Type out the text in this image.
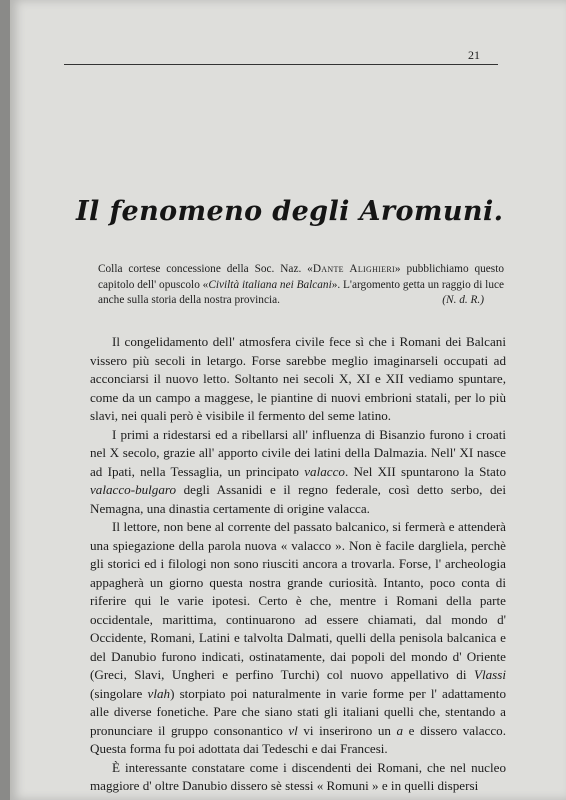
21
Il fenomeno degli Aromuni.
Colla cortese concessione della Soc. Naz. «Dante Alighieri» pubblichiamo questo capitolo dell' opuscolo «Civiltà italiana nei Balcani». L'argomento getta un raggio di luce anche sulla storia della nostra provincia.	(N. d. R.)

Il congelidamento dell' atmosfera civile fece sì che i Romani dei Balcani vissero più secoli in letargo. Forse sarebbe meglio imaginarseli occupati ad acconciarsi il nuovo letto. Soltanto nei secoli X, XI e XII vediamo spuntare, come da un campo a maggese, le piantine di nuovi embrioni statali, per lo più slavi, nei quali però è visibile il fermento del seme latino.

I primi a ridestarsi ed a ribellarsi all' influenza di Bisanzio furono i croati nel X secolo, grazie all' apporto civile dei latini della Dalmazia. Nell' XI nasce ad Ipati, nella Tessaglia, un principato valacco. Nel XII spuntarono la Stato valacco-bulgaro degli Assanidi e il regno federale, così detto serbo, dei Nemagna, una dinastia certamente di origine valacca.

Il lettore, non bene al corrente del passato balcanico, si fermerà e attenderà una spiegazione della parola nuova « valacco ». Non è facile dargliela, perchè gli storici ed i filologi non sono riusciti ancora a trovarla. Forse, l' archeologia appagherà un giorno questa nostra grande curiosità. Intanto, poco conta di riferire qui le varie ipotesi. Certo è che, mentre i Romani della parte occidentale, marittima, continuarono ad essere chiamati, dal mondo d' Occidente, Romani, Latini e talvolta Dalmati, quelli della penisola balcanica e del Danubio furono indicati, ostinatamente, dai popoli del mondo d' Oriente (Greci, Slavi, Ungheri e perfino Turchi) col nuovo appellativo di Vlassi (singolare vlah) storpiato poi naturalmente in varie forme per l' adattamento alle diverse fonetiche. Pare che siano stati gli italiani quelli che, stentando a pronunciare il gruppo consonantico vl vi inserirono un a e dissero valacco. Questa forma fu poi adottata dai Tedeschi e dai Francesi.

È interessante constatare come i discendenti dei Romani, che nel nucleo maggiore d' oltre Danubio dissero sè stessi « Romuni » e in quelli dispersi
